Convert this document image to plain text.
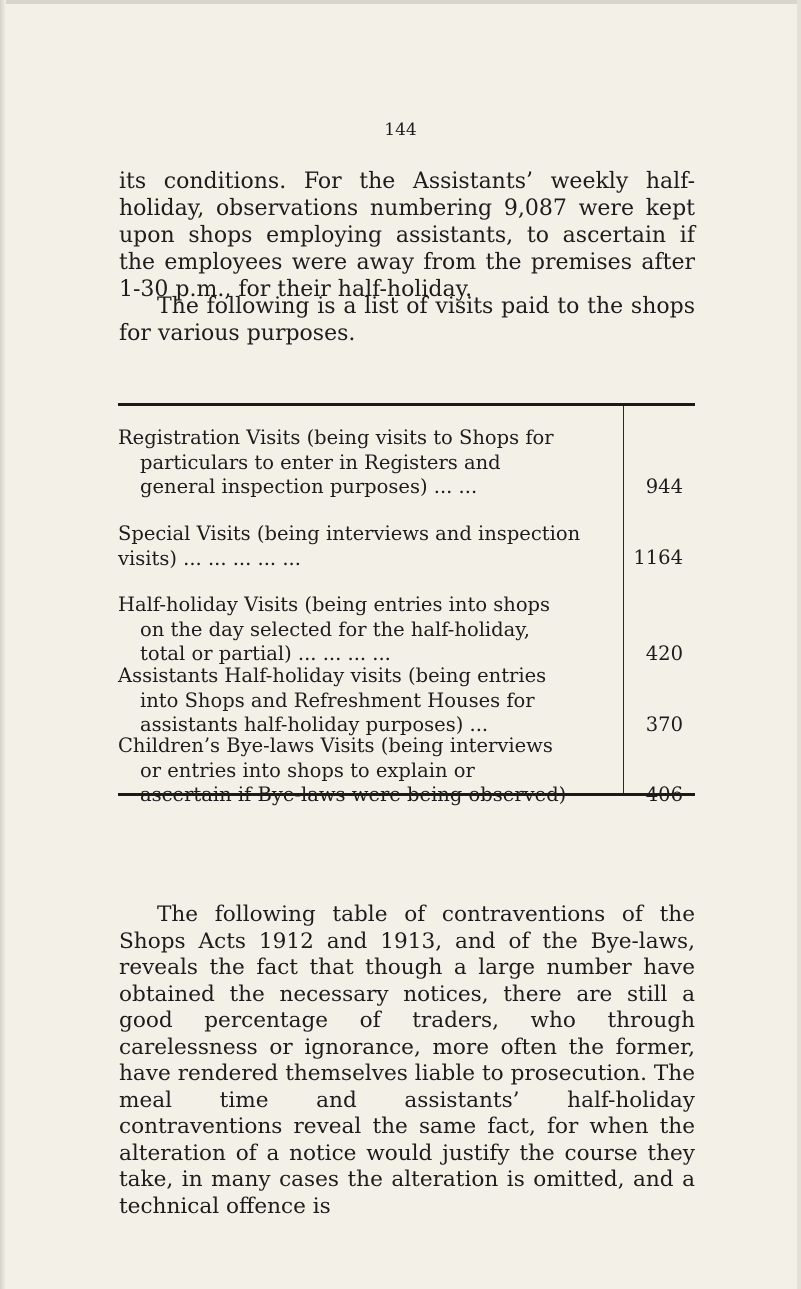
144

its conditions. For the Assistants’ weekly half-holiday, observations numbering 9,087 were kept upon shops employing assistants, to ascertain if the employees were away from the premises after 1-30 p.m., for their half-holiday.

The following is a list of visits paid to the shops for various purposes.

Registration Visits (being visits to Shops for
particulars to enter in Registers and
general inspection purposes) ... ...	944
Special Visits (being interviews and inspection
visits) ... ... ... ... ...	1164
Half-holiday Visits (being entries into shops
on the day selected for the half-holiday,
total or partial) ... ... ... ...	420
Assistants Half-holiday visits (being entries
into Shops and Refreshment Houses for
assistants half-holiday purposes) ...	370
Children’s Bye-laws Visits (being interviews
or entries into shops to explain or
ascertain if Bye-laws were being observed)	406

The following table of contraventions of the Shops Acts 1912 and 1913, and of the Bye-laws, reveals the fact that though a large number have obtained the necessary notices, there are still a good percentage of traders, who through carelessness or ignorance, more often the former, have rendered themselves liable to prosecution. The meal time and assistants’ half-holiday contraventions reveal the same fact, for when the alteration of a notice would justify the course they take, in many cases the alteration is omitted, and a technical offence is
